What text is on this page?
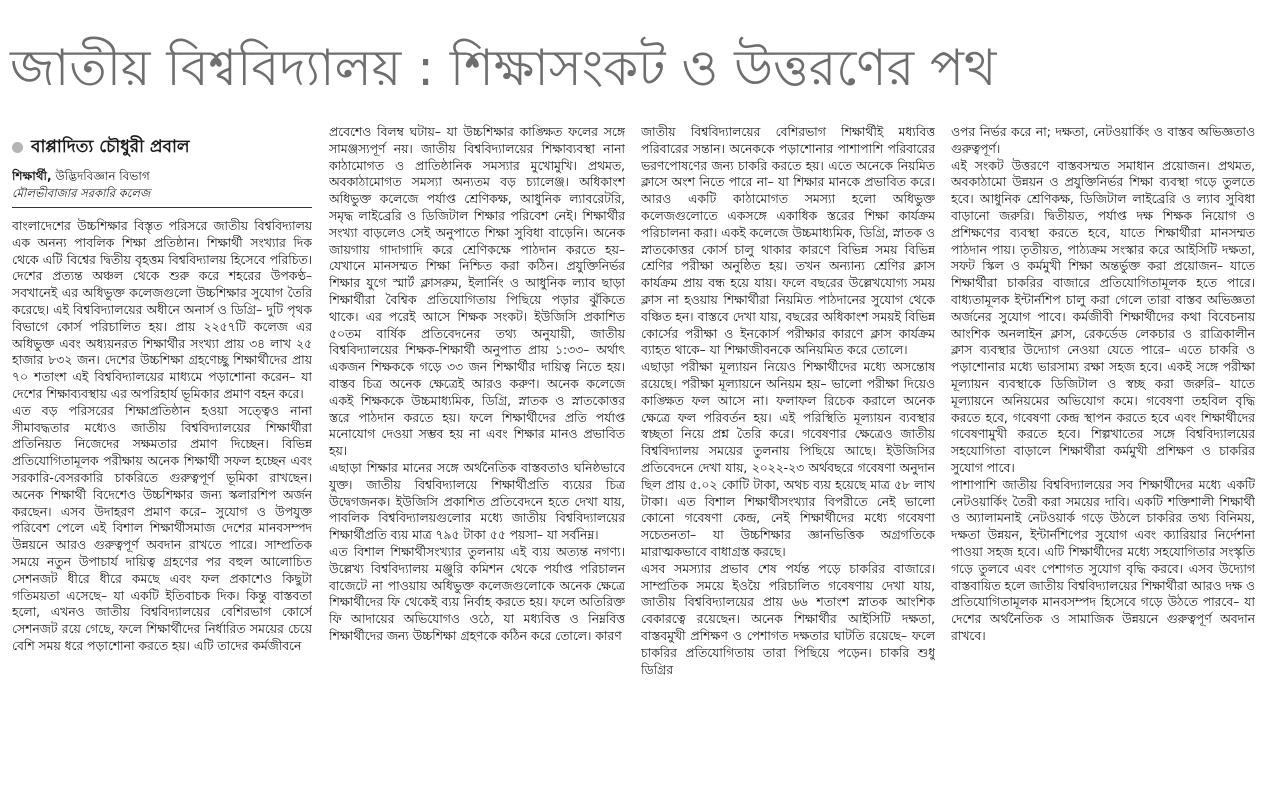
জাতীয় বিশ্ববিদ্যালয় : শিক্ষাসংকট ও উত্তরণের পথ
বাপ্পাদিত্য চৌধুরী প্রবাল
শিক্ষার্থী, উদ্ভিদবিজ্ঞান বিভাগ
মৌলভীবাজার সরকারি কলেজ

বাংলাদেশের উচ্চশিক্ষার বিস্তৃত পরিসরে জাতীয় বিশ্ববিদ্যালয় এক অনন্য পাবলিক শিক্ষা প্রতিষ্ঠান। শিক্ষার্থী সংখ্যার দিক থেকে এটি বিশ্বের দ্বিতীয় বৃহত্তম বিশ্ববিদ্যালয় হিসেবে পরিচিত। দেশের প্রত্যন্ত অঞ্চল থেকে শুরু করে শহরের উপকণ্ঠ– সবখানেই এর অধিভুক্ত কলেজগুলো উচ্চশিক্ষার সুযোগ তৈরি করেছে। এই বিশ্ববিদ্যালয়ের অধীনে অনার্স ও ডিগ্রি– দুটি পৃথক বিভাগে কোর্স পরিচালিত হয়। প্রায় ২২৫৭টি কলেজ এর অধিভুক্ত এবং অধ্যয়নরত শিক্ষার্থীর সংখ্যা প্রায় ৩৪ লাখ ২৫ হাজার ৮৩২ জন। দেশের উচ্চশিক্ষা গ্রহণেচ্ছু শিক্ষার্থীদের প্রায় ৭০ শতাংশ এই বিশ্ববিদ্যালয়ের মাধ্যমে পড়াশোনা করেন– যা দেশের শিক্ষাব্যবস্থায় এর অপরিহার্য ভূমিকার প্রমাণ বহন করে।

এত বড় পরিসরের শিক্ষাপ্রতিষ্ঠান হওয়া সত্ত্বেও নানা সীমাবদ্ধতার মধ্যেও জাতীয় বিশ্ববিদ্যালয়ের শিক্ষার্থীরা প্রতিনিয়ত নিজেদের সক্ষমতার প্রমাণ দিচ্ছেন। বিভিন্ন প্রতিযোগিতামূলক পরীক্ষায় অনেক শিক্ষার্থী সফল হচ্ছেন এবং সরকারি-বেসরকারি চাকরিতে গুরুত্বপূর্ণ ভূমিকা রাখছেন। অনেক শিক্ষার্থী বিদেশেও উচ্চশিক্ষার জন্য স্কলারশিপ অর্জন করছেন। এসব উদাহরণ প্রমাণ করে– সুযোগ ও উপযুক্ত পরিবেশ পেলে এই বিশাল শিক্ষার্থীসমাজ দেশের মানবসম্পদ উন্নয়নে আরও গুরুত্বপূর্ণ অবদান রাখতে পারে। সাম্প্রতিক সময়ে নতুন উপাচার্য দায়িত্ব গ্রহণের পর বহুল আলোচিত সেশনজট ধীরে ধীরে কমছে এবং ফল প্রকাশেও কিছুটা গতিময়তা এসেছে– যা একটি ইতিবাচক দিক। কিন্তু বাস্তবতা হলো, এখনও জাতীয় বিশ্ববিদ্যালয়ের বেশিরভাগ কোর্সে সেশনজট রয়ে গেছে, ফলে শিক্ষার্থীদের নির্ধারিত সময়ের চেয়ে বেশি সময় ধরে পড়াশোনা করতে হয়। এটি তাদের কর্মজীবনে

প্রবেশেও বিলম্ব ঘটায়– যা উচ্চশিক্ষার কাঙ্ক্ষিত ফলের সঙ্গে সামঞ্জস্যপূর্ণ নয়। জাতীয় বিশ্ববিদ্যালয়ের শিক্ষাব্যবস্থা নানা কাঠামোগত ও প্রাতিষ্ঠানিক সমস্যার মুখোমুখি। প্রথমত, অবকাঠামোগত সমস্যা অন্যতম বড় চ্যালেঞ্জ। অধিকাংশ অধিভুক্ত কলেজে পর্যাপ্ত শ্রেণিকক্ষ, আধুনিক ল্যাবরেটরি, সমৃদ্ধ লাইব্রেরি ও ডিজিটাল শিক্ষার পরিবেশ নেই। শিক্ষার্থীর সংখ্যা বাড়লেও সেই অনুপাতে শিক্ষা সুবিধা বাড়েনি। অনেক জায়গায় গাদাগাদি করে শ্রেণিকক্ষে পাঠদান করতে হয়– যেখানে মানসম্মত শিক্ষা নিশ্চিত করা কঠিন। প্রযুক্তিনির্ভর শিক্ষার যুগে স্মার্ট ক্লাসরুম, ইলার্নিং ও আধুনিক ল্যাব ছাড়া শিক্ষার্থীরা বৈশ্বিক প্রতিযোগিতায় পিছিয়ে পড়ার ঝুঁকিতে থাকে। এর পরেই আসে শিক্ষক সংকট। ইউজিসি প্রকাশিত ৫০তম বার্ষিক প্রতিবেদনের তথ্য অনুযায়ী, জাতীয় বিশ্ববিদ্যালয়ের শিক্ষক-শিক্ষার্থী অনুপাত প্রায় ১:৩৩– অর্থাৎ একজন শিক্ষককে গড়ে ৩৩ জন শিক্ষার্থীর দায়িত্ব নিতে হয়। বাস্তব চিত্র অনেক ক্ষেত্রেই আরও করুণ। অনেক কলেজে একই শিক্ষককে উচ্চমাধ্যমিক, ডিগ্রি, স্নাতক ও স্নাতকোত্তর স্তরে পাঠদান করতে হয়। ফলে শিক্ষার্থীদের প্রতি পর্যাপ্ত মনোযোগ দেওয়া সম্ভব হয় না এবং শিক্ষার মানও প্রভাবিত হয়।

এছাড়া শিক্ষার মানের সঙ্গে অর্থনৈতিক বাস্তবতাও ঘনিষ্ঠভাবে যুক্ত। জাতীয় বিশ্ববিদ্যালয়ে শিক্ষার্থীপ্রতি ব্যয়ের চিত্র উদ্বেগজনক। ইউজিসি প্রকাশিত প্রতিবেদনে হতে দেখা যায়, পাবলিক বিশ্ববিদ্যালয়গুলোর মধ্যে জাতীয় বিশ্ববিদ্যালয়ের শিক্ষার্থীপ্রতি ব্যয় মাত্র ৭৯৫ টাকা ৫৫ পয়সা– যা সর্বনিম্ন।

এত বিশাল শিক্ষার্থীসংখ্যার তুলনায় এই ব্যয় অত্যন্ত নগণ্য। উল্লেখ্য বিশ্ববিদ্যালয় মঞ্জুরি কমিশন থেকে পর্যাপ্ত পরিচালন বাজেটে না পাওয়ায় অধিভুক্ত কলেজগুলোকে অনেক ক্ষেত্রে শিক্ষার্থীদের ফি থেকেই ব্যয় নির্বাহ করতে হয়। ফলে অতিরিক্ত ফি আদায়ের অভিযোগও ওঠে, যা মধ্যবিত্ত ও নিম্নবিত্ত শিক্ষার্থীদের জন্য উচ্চশিক্ষা গ্রহণকে কঠিন করে তোলে। কারণ

জাতীয় বিশ্ববিদ্যালয়ের বেশিরভাগ শিক্ষার্থীই মধ্যবিত্ত পরিবারের সন্তান। অনেককে পড়াশোনার পাশাপাশি পরিবারের ভরণপোষণের জন্য চাকরি করতে হয়। এতে অনেকে নিয়মিত ক্লাসে অংশ নিতে পারে না– যা শিক্ষার মানকে প্রভাবিত করে। আরও একটি কাঠামোগত সমস্যা হলো অধিভুক্ত কলেজগুলোতে একসঙ্গে একাধিক স্তরের শিক্ষা কার্যক্রম পরিচালনা করা। একই কলেজে উচ্চমাধ্যমিক, ডিগ্রি, স্নাতক ও স্নাতকোত্তর কোর্স চালু থাকার কারণে বিভিন্ন সময় বিভিন্ন শ্রেণির পরীক্ষা অনুষ্ঠিত হয়। তখন অন্যান্য শ্রেণির ক্লাস কার্যক্রম প্রায় বন্ধ হয়ে যায়। ফলে বছরের উল্লেখযোগ্য সময় ক্লাস না হওয়ায় শিক্ষার্থীরা নিয়মিত পাঠদানের সুযোগ থেকে বঞ্চিত হন। বাস্তবে দেখা যায়, বছরের অধিকাংশ সময়ই বিভিন্ন কোর্সের পরীক্ষা ও ইনকোর্স পরীক্ষার কারণে ক্লাস কার্যক্রম ব্যাহত থাকে– যা শিক্ষাজীবনকে অনিয়মিত করে তোলে।

এছাড়া পরীক্ষা মূল্যায়ন নিয়েও শিক্ষার্থীদের মধ্যে অসন্তোষ রয়েছে। পরীক্ষা মূল্যায়নে অনিয়ম হয়– ভালো পরীক্ষা দিয়েও কাঙ্ক্ষিত ফল আসে না। ফলাফল রিচেক করালে অনেক ক্ষেত্রে ফল পরিবর্তন হয়। এই পরিস্থিতি মূল্যায়ন ব্যবস্থার স্বচ্ছতা নিয়ে প্রশ্ন তৈরি করে। গবেষণার ক্ষেত্রেও জাতীয় বিশ্ববিদ্যালয় সময়ের তুলনায় পিছিয়ে আছে। ইউজিসির প্রতিবেদনে দেখা যায়, ২০২২-২৩ অর্থবছরে গবেষণা অনুদান ছিল প্রায় ৫.০২ কোটি টাকা, অথচ ব্যয় হয়েছে মাত্র ৫৮ লাখ টাকা। এত বিশাল শিক্ষার্থীসংখ্যার বিপরীতে নেই ভালো কোনো গবেষণা কেন্দ্র, নেই শিক্ষার্থীদের মধ্যে গবেষণা সচেতনতা– যা উচ্চশিক্ষার জ্ঞানভিত্তিক অগ্রগতিকে মারাত্মকভাবে বাধাগ্রস্ত করছে।

এসব সমস্যার প্রভাব শেষ পর্যন্ত পড়ে চাকরির বাজারে। সাম্প্রতিক সময়ে ইওয়ৈ পরিচালিত গবেষণায় দেখা যায়, জাতীয় বিশ্ববিদ্যালয়ের প্রায় ৬৬ শতাংশ স্নাতক আংশিক বেকারত্বে রয়েছেন। অনেক শিক্ষার্থীর আইসিটি দক্ষতা, বাস্তবমুখী প্রশিক্ষণ ও পেশাগত দক্ষতার ঘাটতি রয়েছে– ফলে চাকরির প্রতিযোগিতায় তারা পিছিয়ে পড়েন। চাকরি শুধু ডিগ্রির

ওপর নির্ভর করে না; দক্ষতা, নেটওয়ার্কিং ও বাস্তব অভিজ্ঞতাও গুরুত্বপূর্ণ।

এই সংকট উত্তরণে বাস্তবসম্মত সমাধান প্রয়োজন। প্রথমত, অবকাঠামো উন্নয়ন ও প্রযুক্তিনির্ভর শিক্ষা ব্যবস্থা গড়ে তুলতে হবে। আধুনিক শ্রেণিকক্ষ, ডিজিটাল লাইব্রেরি ও ল্যাব সুবিধা বাড়ানো জরুরি। দ্বিতীয়ত, পর্যাপ্ত দক্ষ শিক্ষক নিয়োগ ও প্রশিক্ষণের ব্যবস্থা করতে হবে, যাতে শিক্ষার্থীরা মানসম্মত পাঠদান পায়। তৃতীয়ত, পাঠ্যক্রম সংস্কার করে আইসিটি দক্ষতা, সফট স্কিল ও কর্মমুখী শিক্ষা অন্তর্ভুক্ত করা প্রয়োজন– যাতে শিক্ষার্থীরা চাকরির বাজারে প্রতিযোগিতামূলক হতে পারে। বাধ্যতামূলক ইন্টার্নশিপ চালু করা গেলে তারা বাস্তব অভিজ্ঞতা অর্জনের সুযোগ পাবে। কর্মজীবী শিক্ষার্থীদের কথা বিবেচনায় আংশিক অনলাইন ক্লাস, রেকর্ডেড লেকচার ও রাত্রিকালীন ক্লাস ব্যবস্থার উদ্যোগ নেওয়া যেতে পারে– এতে চাকরি ও পড়াশোনার মধ্যে ভারসাম্য রক্ষা সহজ হবে। একই সঙ্গে পরীক্ষা মূল্যায়ন ব্যবস্থাকে ডিজিটাল ও স্বচ্ছ করা জরুরি– যাতে মূল্যায়নে অনিয়মের অভিযোগ কমে। গবেষণা তহবিল বৃদ্ধি করতে হবে, গবেষণা কেন্দ্র স্থাপন করতে হবে এবং শিক্ষার্থীদের গবেষণামুখী করতে হবে। শিল্পখাতের সঙ্গে বিশ্ববিদ্যালয়ের সহযোগিতা বাড়ালে শিক্ষার্থীরা কর্মমুখী প্রশিক্ষণ ও চাকরির সুযোগ পাবে।

পাশাপাশি জাতীয় বিশ্ববিদ্যালয়ের সব শিক্ষার্থীদের মধ্যে একটি নেটওয়ার্কিং তৈরী করা সময়ের দাবি। একটি শক্তিশালী শিক্ষার্থী ও অ্যালামনাই নেটওয়ার্ক গড়ে উঠলে চাকরির তথ্য বিনিময়, দক্ষতা উন্নয়ন, ইন্টার্নশিপের সুযোগ এবং ক্যারিয়ার নির্দেশনা পাওয়া সহজ হবে। এটি শিক্ষার্থীদের মধ্যে সহযোগিতার সংস্কৃতি গড়ে তুলবে এবং পেশাগত সুযোগ বৃদ্ধি করবে। এসব উদ্যোগ বাস্তবায়িত হলে জাতীয় বিশ্ববিদ্যালয়ের শিক্ষার্থীরা আরও দক্ষ ও প্রতিযোগিতামূলক মানবসম্পদ হিসেবে গড়ে উঠতে পারবে– যা দেশের অর্থনৈতিক ও সামাজিক উন্নয়নে গুরুত্বপূর্ণ অবদান রাখবে।
